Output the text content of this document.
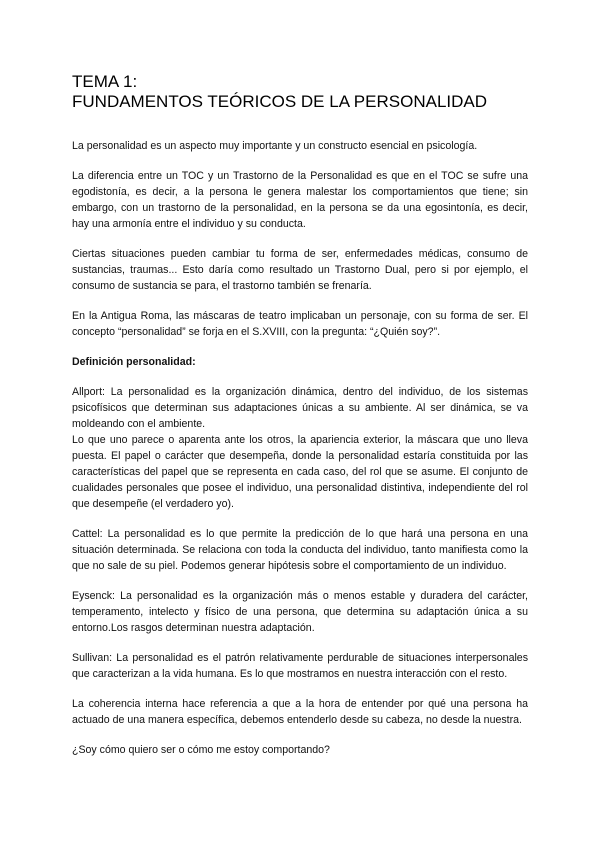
TEMA 1:
FUNDAMENTOS TEÓRICOS DE LA PERSONALIDAD

La personalidad es un aspecto muy importante y un constructo esencial en psicología.

La diferencia entre un TOC y un Trastorno de la Personalidad es que en el TOC se sufre una egodistonía, es decir, a la persona le genera malestar los comportamientos que tiene; sin embargo, con un trastorno de la personalidad, en la persona se da una egosintonía, es decir, hay una armonía entre el individuo y su conducta.

Ciertas situaciones pueden cambiar tu forma de ser, enfermedades médicas, consumo de sustancias, traumas... Esto daría como resultado un Trastorno Dual, pero si por ejemplo, el consumo de sustancia se para, el trastorno también se frenaría.

En la Antigua Roma, las máscaras de teatro implicaban un personaje, con su forma de ser. El concepto “personalidad” se forja en el S.XVIII, con la pregunta: “¿Quién soy?”.

Definición personalidad:

Allport: La personalidad es la organización dinámica, dentro del individuo, de los sistemas psicofísicos que determinan sus adaptaciones únicas a su ambiente. Al ser dinámica, se va moldeando con el ambiente.

Lo que uno parece o aparenta ante los otros, la apariencia exterior, la máscara que uno lleva puesta. El papel o carácter que desempeña, donde la personalidad estaría constituida por las características del papel que se representa en cada caso, del rol que se asume. El conjunto de cualidades personales que posee el individuo, una personalidad distintiva, independiente del rol que desempeñe (el verdadero yo).

Cattel: La personalidad es lo que permite la predicción de lo que hará una persona en una situación determinada. Se relaciona con toda la conducta del individuo, tanto manifiesta como la que no sale de su piel. Podemos generar hipótesis sobre el comportamiento de un individuo.

Eysenck: La personalidad es la organización más o menos estable y duradera del carácter, temperamento, intelecto y físico de una persona, que determina su adaptación única a su entorno.Los rasgos determinan nuestra adaptación.

Sullivan: La personalidad es el patrón relativamente perdurable de situaciones interpersonales que caracterizan a la vida humana. Es lo que mostramos en nuestra interacción con el resto.

La coherencia interna hace referencia a que a la hora de entender por qué una persona ha actuado de una manera específica, debemos entenderlo desde su cabeza, no desde la nuestra.

¿Soy cómo quiero ser o cómo me estoy comportando?
